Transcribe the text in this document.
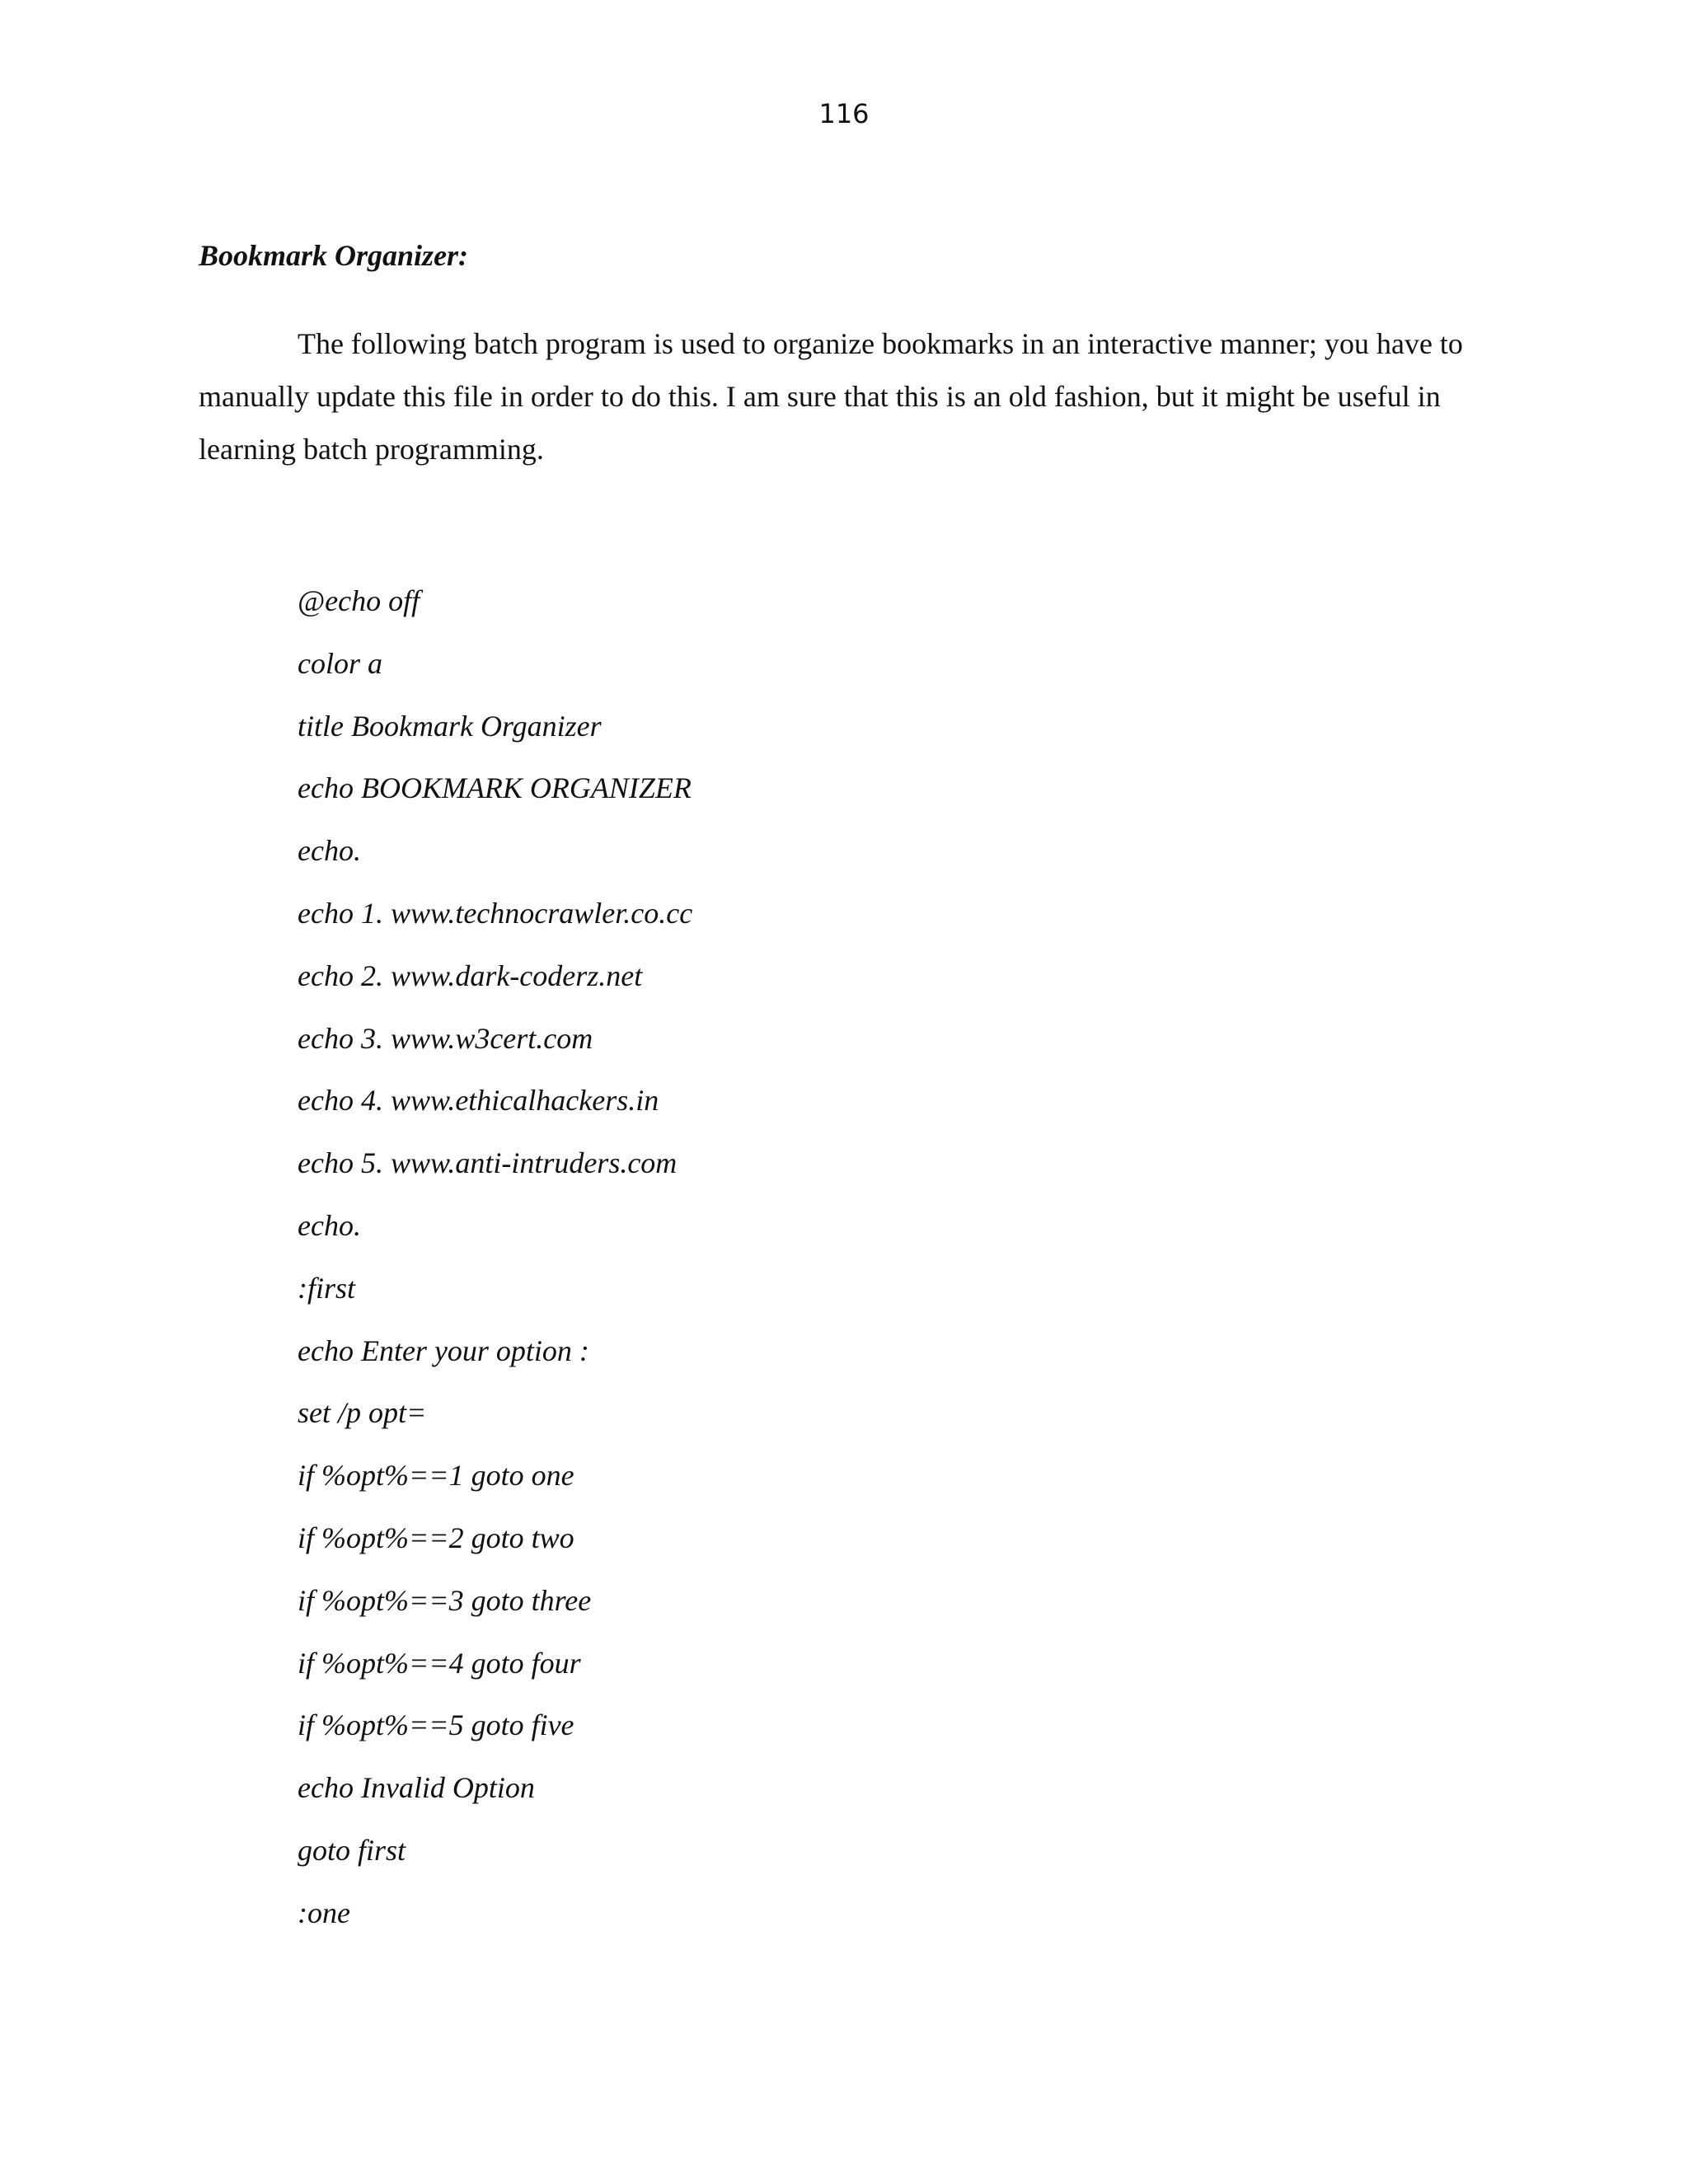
116
Bookmark Organizer:

The following batch program is used to organize bookmarks in an interactive manner; you have to manually update this file in order to do this. I am sure that this is an old fashion, but it might be useful in learning batch programming.

@echo off
color a
title Bookmark Organizer
echo BOOKMARK ORGANIZER
echo.
echo 1. www.technocrawler.co.cc
echo 2. www.dark-coderz.net
echo 3. www.w3cert.com
echo 4. www.ethicalhackers.in
echo 5. www.anti-intruders.com
echo.
:first
echo Enter your option :
set /p opt=
if %opt%==1 goto one
if %opt%==2 goto two
if %opt%==3 goto three
if %opt%==4 goto four
if %opt%==5 goto five
echo Invalid Option
goto first
:one
